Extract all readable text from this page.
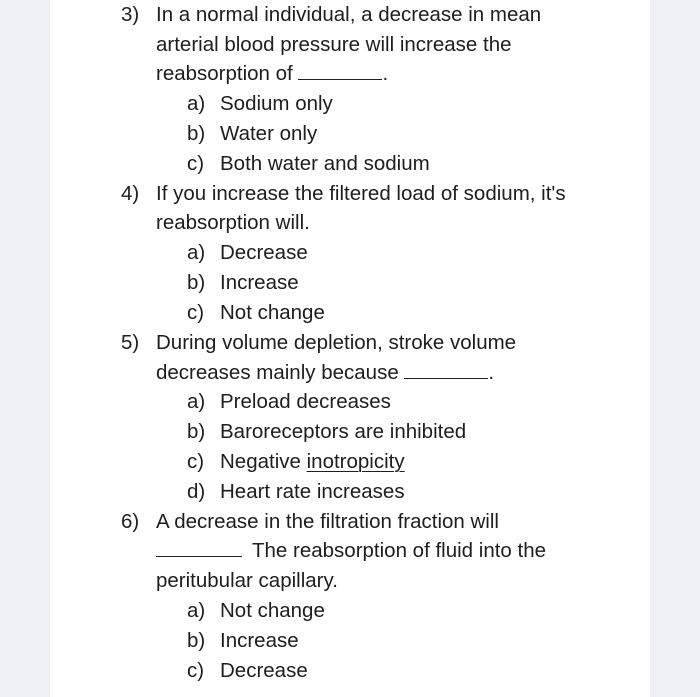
3) In a normal individual, a decrease in mean
arterial blood pressure will increase the
reabsorption of	.
a) Sodium only
b) Water only
c) Both water and sodium
4) If you increase the filtered load of sodium, it's
reabsorption will.
a) Decrease
b) Increase
c) Not change
5) During volume depletion, stroke volume
decreases mainly because	.
a) Preload decreases
b) Baroreceptors are inhibited
c) Negative inotropicity
d) Heart rate increases
6) A decrease in the filtration fraction will
The reabsorption of fluid into the
peritubular capillary.
a) Not change
b) Increase
c) Decrease
